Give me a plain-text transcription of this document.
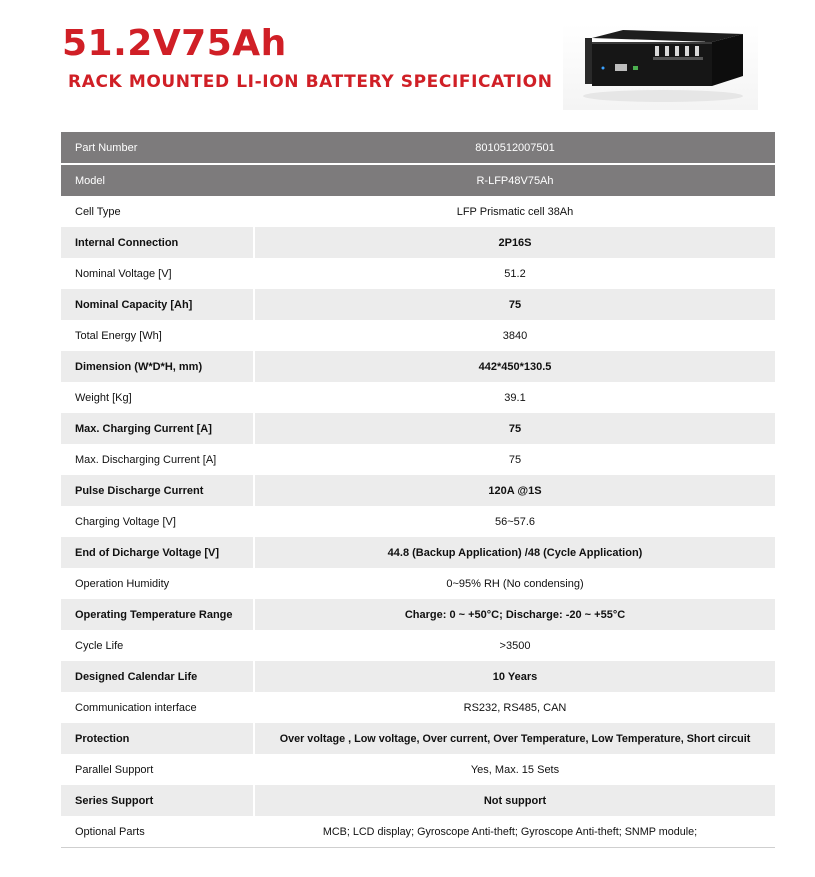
51.2V75Ah
RACK MOUNTED LI-ION BATTERY SPECIFICATION
Part Number		8010512007501
Model		R-LFP48V75Ah
Cell Type		LFP Prismatic cell 38Ah
Internal Connection		2P16S
Nominal Voltage [V]		51.2
Nominal Capacity [Ah]		75
Total Energy [Wh]		3840
Dimension (W*D*H, mm)		442*450*130.5
Weight [Kg]		39.1
Max. Charging Current [A]		75
Max. Discharging Current [A]		75
Pulse Discharge Current		120A @1S
Charging Voltage [V]		56~57.6
End of Dicharge Voltage [V]		44.8 (Backup Application) /48 (Cycle Application)
Operation Humidity		0~95% RH (No condensing)
Operating Temperature Range		Charge: 0 ~ +50°C; Discharge: -20 ~ +55°C
Cycle Life		>3500
Designed Calendar Life		10 Years
Communication interface		RS232, RS485, CAN
Protection		Over voltage , Low voltage, Over current, Over Temperature, Low Temperature, Short circuit
Parallel Support		Yes, Max. 15 Sets
Series Support		Not support
Optional Parts		MCB; LCD display; Gyroscope Anti-theft; Gyroscope Anti-theft; SNMP module;
